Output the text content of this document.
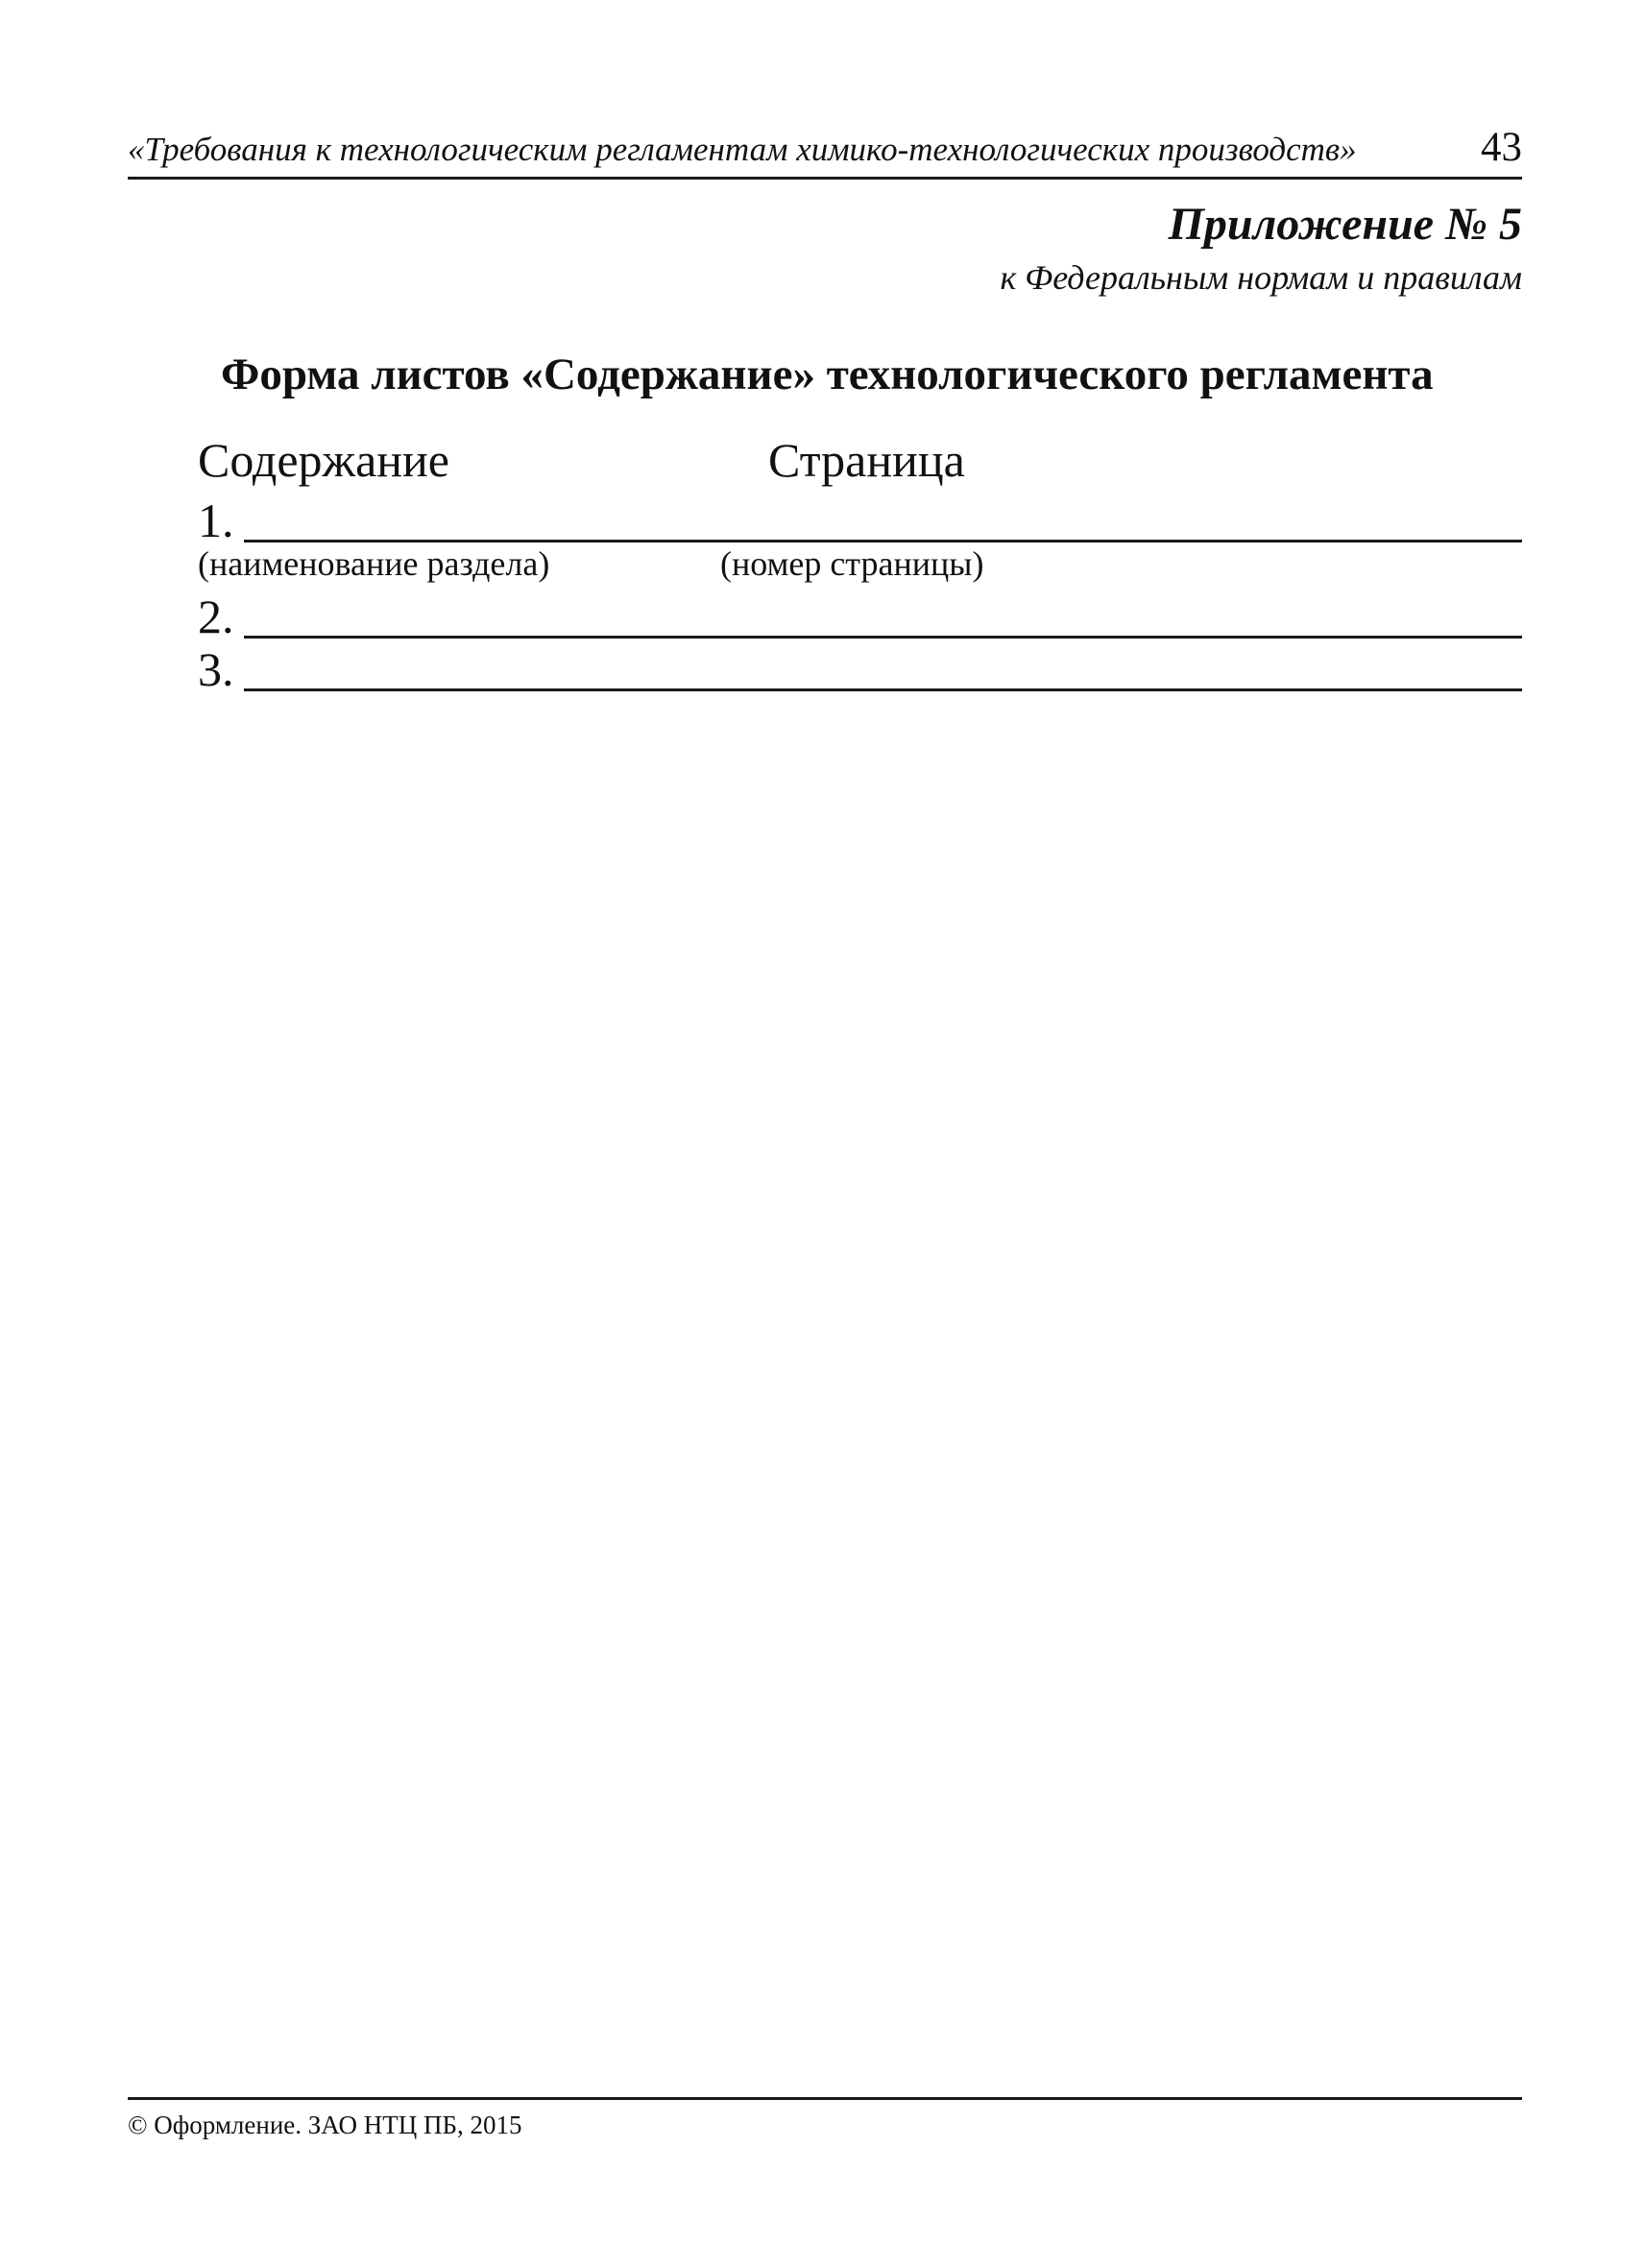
«Требования к технологическим регламентам химико-технологических производств»	43
Приложение № 5
к Федеральным нормам и правилам
Форма листов «Содержание» технологического регламента
Содержание	Страница
1.
(наименование раздела)	(номер страницы)
2.
3.
© Оформление. ЗАО НТЦ ПБ, 2015
